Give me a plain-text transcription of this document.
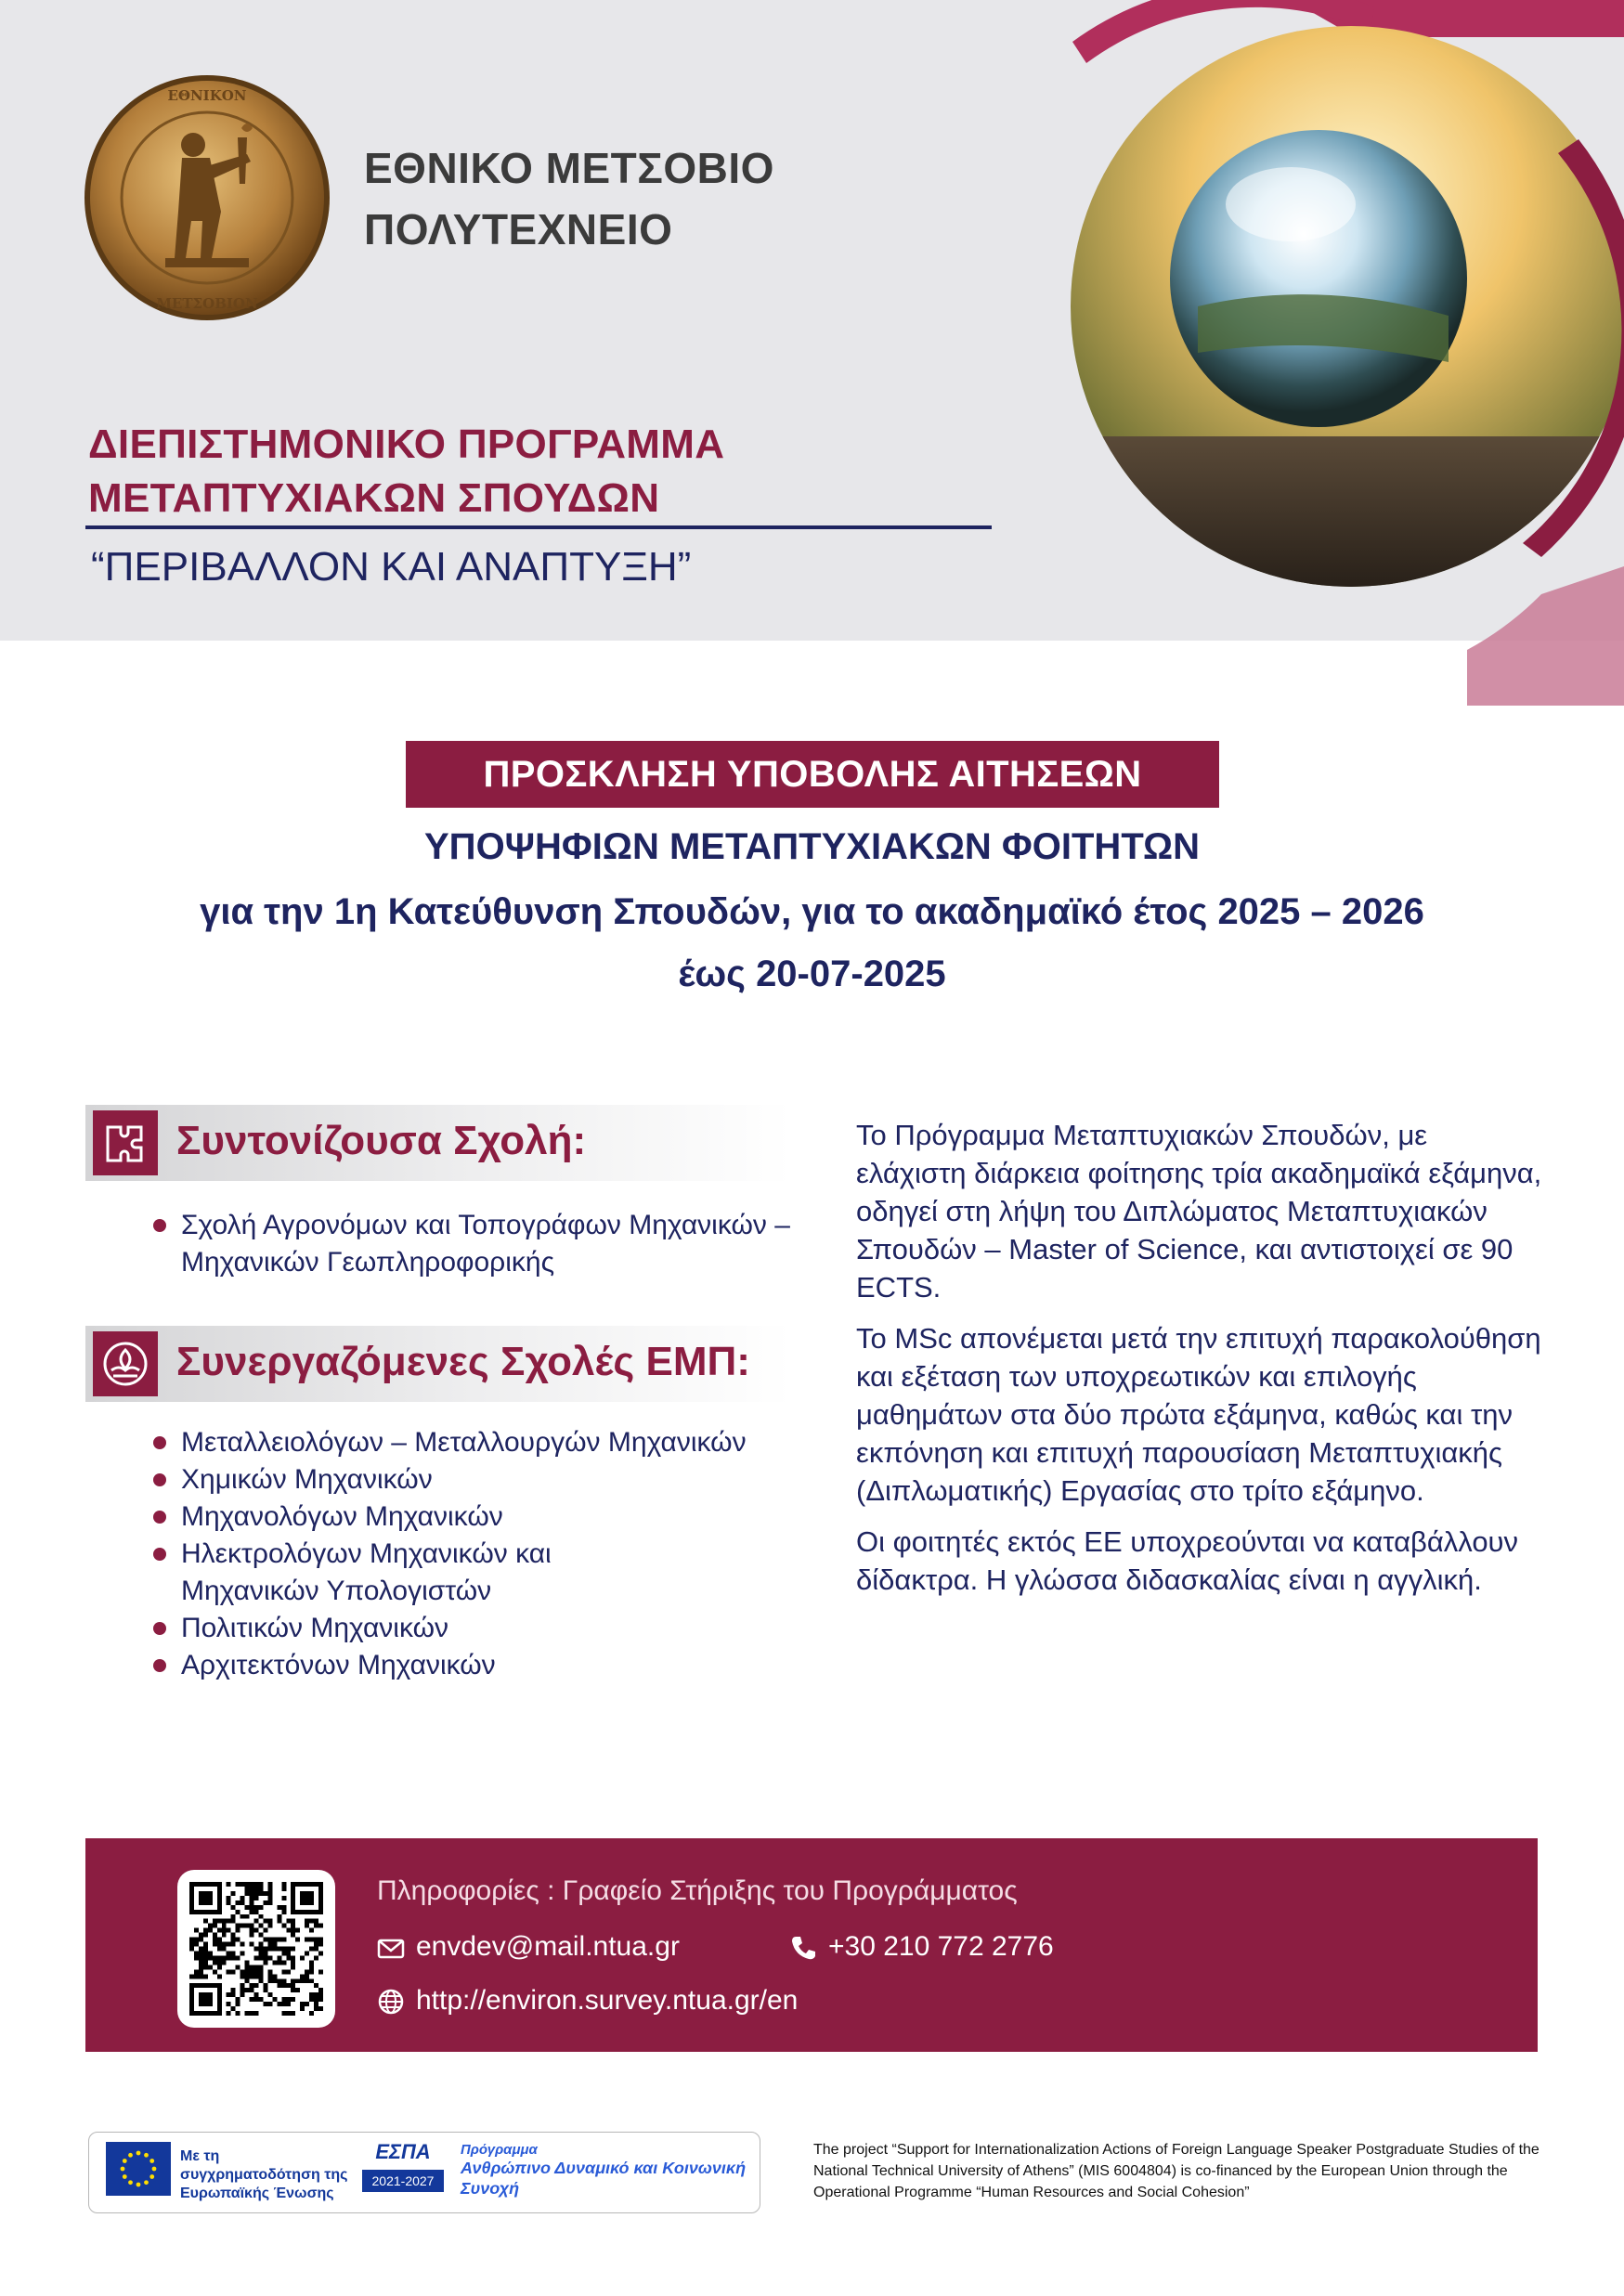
ΕΘΝΙΚΟΝ
ΜΕΤΣΟΒΙΟΝ
ΕΘΝΙΚΟ ΜΕΤΣΟΒΙΟ
ΠΟΛΥΤΕΧΝΕΙΟ
ΔΙΕΠΙΣΤΗΜΟΝΙΚΟ ΠΡΟΓΡΑΜΜΑ
ΜΕΤΑΠΤΥΧΙΑΚΩΝ ΣΠΟΥΔΩΝ
“ΠΕΡΙΒΑΛΛΟΝ ΚΑΙ ΑΝΑΠΤΥΞΗ”
ΠΡΟΣΚΛΗΣΗ ΥΠΟΒΟΛΗΣ ΑΙΤΗΣΕΩΝ
ΥΠΟΨΗΦΙΩΝ ΜΕΤΑΠΤΥΧΙΑΚΩΝ ΦΟΙΤΗΤΩΝ
για την 1η Κατεύθυνση Σπουδών, για το ακαδημαϊκό έτος 2025 – 2026
έως 20-07-2025
Συντονίζουσα Σχολή:
Σχολή Αγρονόμων και Τοπογράφων Μηχανικών – Μηχανικών Γεωπληροφορικής
Συνεργαζόμενες Σχολές ΕΜΠ:
Μεταλλειολόγων – Μεταλλουργών Μηχανικών
Χημικών Μηχανικών
Μηχανολόγων Μηχανικών
Ηλεκτρολόγων Μηχανικών και Μηχανικών Υπολογιστών
Πολιτικών Μηχανικών
Αρχιτεκτόνων Μηχανικών

Το Πρόγραμμα Μεταπτυχιακών Σπουδών, με ελάχιστη διάρκεια φοίτησης τρία ακαδημαϊκά εξάμηνα, οδηγεί στη λήψη του Διπλώματος Μεταπτυχιακών Σπουδών – Master of Science, και αντιστοιχεί σε 90 ECTS.

Το MSc απονέμεται μετά την επιτυχή παρακολούθηση και εξέταση των υποχρεωτικών και επιλογής μαθημάτων στα δύο πρώτα εξάμηνα, καθώς και την εκπόνηση και επιτυχή παρουσίαση Μεταπτυχιακής (Διπλωματικής) Εργασίας στο τρίτο εξάμηνο.

Οι φοιτητές εκτός ΕΕ υποχρεούνται να καταβάλλουν δίδακτρα. Η γλώσσα διδασκαλίας είναι η αγγλική.

Πληροφορίες : Γραφείο Στήριξης του Προγράμματος
envdev@mail.ntua.gr	+30 210 772 2776
http://environ.survey.ntua.gr/en
Με τη συγχρηματοδότηση της Ευρωπαϊκής Ένωσης
ΕΣΠΑ
2021-2027
Πρόγραμμα
Ανθρώπινο Δυναμικό και Κοινωνική Συνοχή
The project “Support for Internationalization Actions of Foreign Language Speaker Postgraduate Studies of the National Technical University of Athens” (MIS 6004804) is co-financed by the European Union through the Operational Programme “Human Resources and Social Cohesion”
